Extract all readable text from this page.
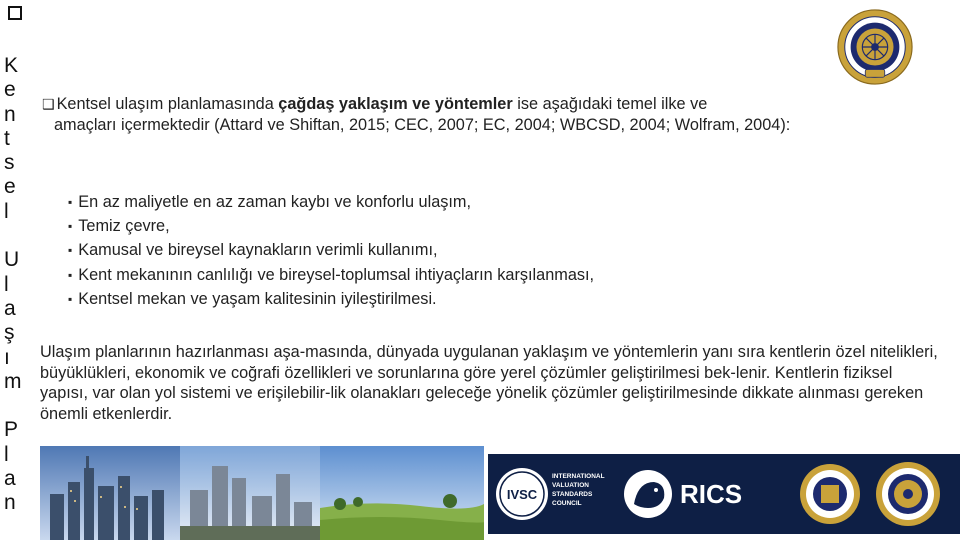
K
e
n
t
s
e
l

U
l
a
ş
ı
m

P
l
a
n
❑ Kentsel ulaşım planlamasında çağdaş yaklaşım ve yöntemler ise aşağıdaki temel ilke ve
amaçları içermektedir (Attard ve Shiftan, 2015; CEC, 2007; EC, 2004; WBCSD, 2004; Wolfram, 2004):
▪ En az maliyetle en az zaman kaybı ve konforlu ulaşım,
▪ Temiz çevre,
▪ Kamusal ve bireysel kaynakların verimli kullanımı,
▪ Kent mekanının canlılığı ve bireysel-toplumsal ihtiyaçların karşılanması,
▪ Kentsel mekan ve yaşam kalitesinin iyileştirilmesi.
Ulaşım planlarının hazırlanması aşa-masında, dünyada uygulanan yaklaşım ve yöntemlerin yanı sıra kentlerin özel nitelikleri, büyüklükleri, ekonomik ve coğrafi özellikleri ve sorunlarına göre yerel çözümler geliştirilmesi bek-lenir. Kentlerin fiziksel yapısı, var olan yol sistemi ve erişilebilir-lik olanakları geleceğe yönelik çözümler geliştirilmesinde dikkate alınması gereken önemli etkenlerdir.
IVSC
INTERNATIONAL
VALUATION
STANDARDS
COUNCIL	RICS
